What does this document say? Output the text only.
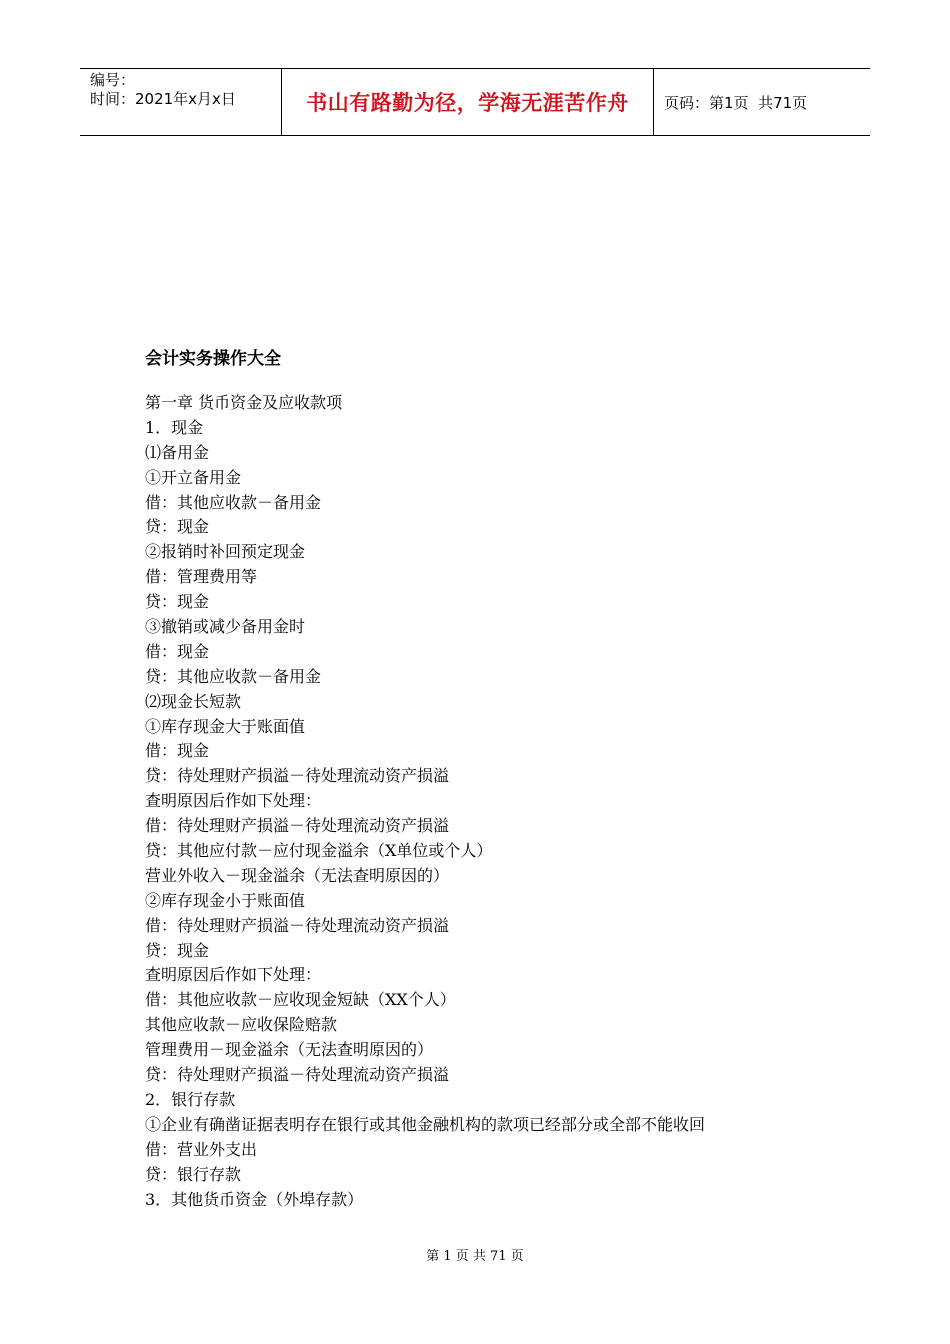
编号：
时间：2021年x月x日	书山有路勤为径，学海无涯苦作舟	页码：第1页  共71页
会计实务操作大全
第一章 货币资金及应收款项
1．现金
⑴备用金
①开立备用金
借：其他应收款－备用金
贷：现金
②报销时补回预定现金
借：管理费用等
贷：现金
③撤销或减少备用金时
借：现金
贷：其他应收款－备用金
⑵现金长短款
①库存现金大于账面值
借：现金
贷：待处理财产损溢－待处理流动资产损溢
查明原因后作如下处理：
借：待处理财产损溢－待处理流动资产损溢
贷：其他应付款－应付现金溢余（X单位或个人）
营业外收入－现金溢余（无法查明原因的）
②库存现金小于账面值
借：待处理财产损溢－待处理流动资产损溢
贷：现金
查明原因后作如下处理：
借：其他应收款－应收现金短缺（XX个人）
其他应收款－应收保险赔款
管理费用－现金溢余（无法查明原因的）
贷：待处理财产损溢－待处理流动资产损溢
2．银行存款
①企业有确凿证据表明存在银行或其他金融机构的款项已经部分或全部不能收回
借：营业外支出
贷：银行存款
3．其他货币资金（外埠存款）
第 1 页 共 71 页
